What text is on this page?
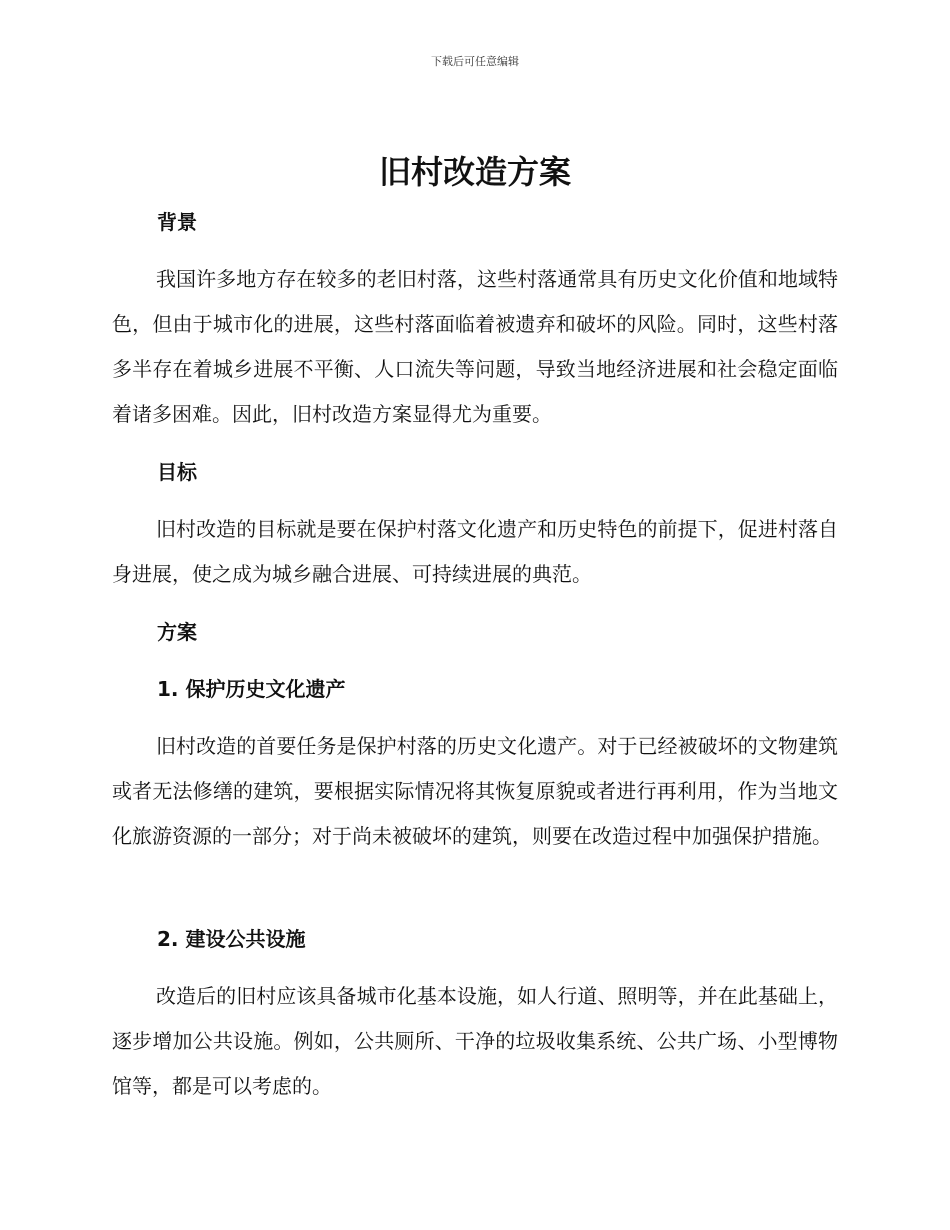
下载后可任意编辑
旧村改造方案
背景

我国许多地方存在较多的老旧村落，这些村落通常具有历史文化价值和地域特色，但由于城市化的进展，这些村落面临着被遗弃和破坏的风险。同时，这些村落多半存在着城乡进展不平衡、人口流失等问题，导致当地经济进展和社会稳定面临着诸多困难。因此，旧村改造方案显得尤为重要。

目标

旧村改造的目标就是要在保护村落文化遗产和历史特色的前提下，促进村落自身进展，使之成为城乡融合进展、可持续进展的典范。

方案
1. 保护历史文化遗产

旧村改造的首要任务是保护村落的历史文化遗产。对于已经被破坏的文物建筑或者无法修缮的建筑，要根据实际情况将其恢复原貌或者进行再利用，作为当地文化旅游资源的一部分；对于尚未被破坏的建筑，则要在改造过程中加强保护措施。

2. 建设公共设施

改造后的旧村应该具备城市化基本设施，如人行道、照明等，并在此基础上，逐步增加公共设施。例如，公共厕所、干净的垃圾收集系统、公共广场、小型博物馆等，都是可以考虑的。
